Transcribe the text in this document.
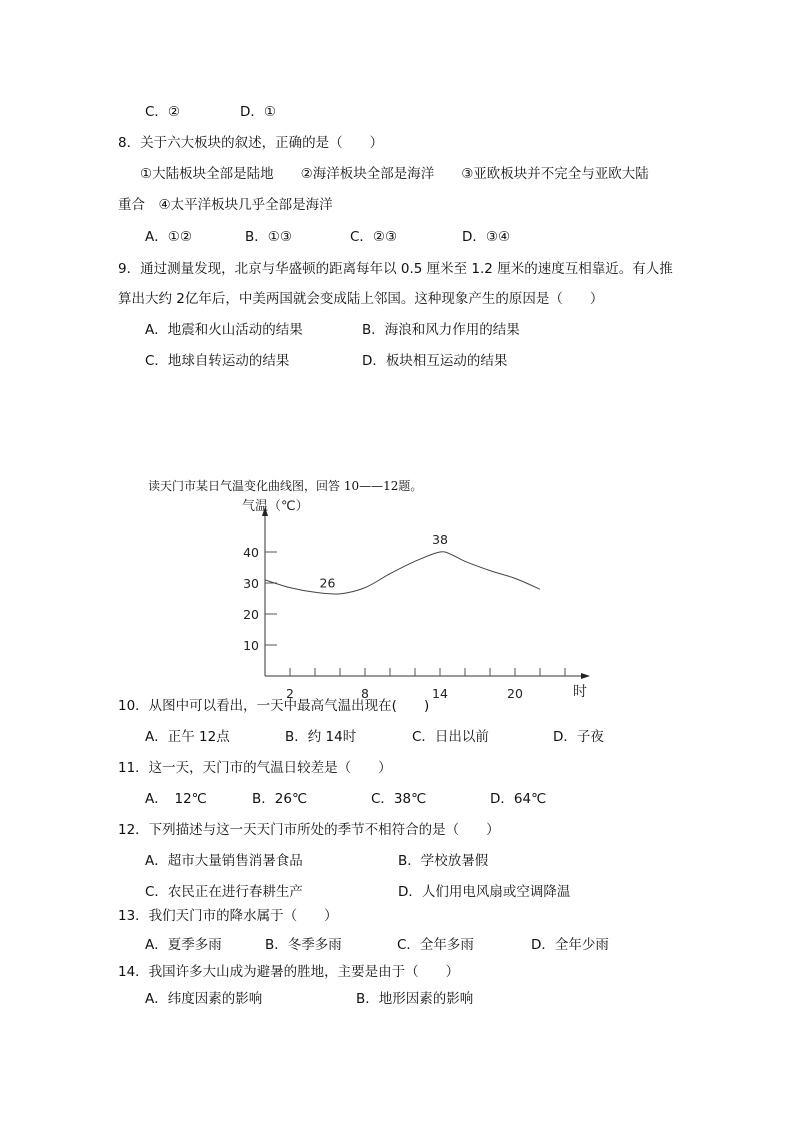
C．②	D．①
8．关于六大板块的叙述，正确的是（　　）
①大陆板块全部是陆地　　②海洋板块全部是海洋　　③亚欧板块并不完全与亚欧大陆
重合　④太平洋板块几乎全部是海洋
A．①②	B．①③	C．②③	D．③④
9．通过测量发现，北京与华盛顿的距离每年以 0.5 厘米至 1.2 厘米的速度互相靠近。有人推
算出大约 2亿年后，中美两国就会变成陆上邻国。这种现象产生的原因是（　　）
A．地震和火山活动的结果	B．海浪和风力作用的结果
C．地球自转运动的结果	D．板块相互运动的结果
读天门市某日气温变化曲线图，回答 10——12题。
气温（℃）
时
10
20
30
40
2	8	14	20
26
38
10．从图中可以看出，一天中最高气温出现在(　　)
A．正午 12点	B．约 14时	C．日出以前	D．子夜
11．这一天，天门市的气温日较差是（　　）
A．　12℃	B．26℃	C．38℃	D．64℃
12．下列描述与这一天天门市所处的季节不相符合的是（　　）
A．超市大量销售消暑食品	B．学校放暑假
C．农民正在进行春耕生产	D．人们用电风扇或空调降温
13．我们天门市的降水属于（　　）
A．夏季多雨	B．冬季多雨	C．全年多雨	D．全年少雨
14．我国许多大山成为避暑的胜地，主要是由于（　　）
A．纬度因素的影响	B．地形因素的影响
